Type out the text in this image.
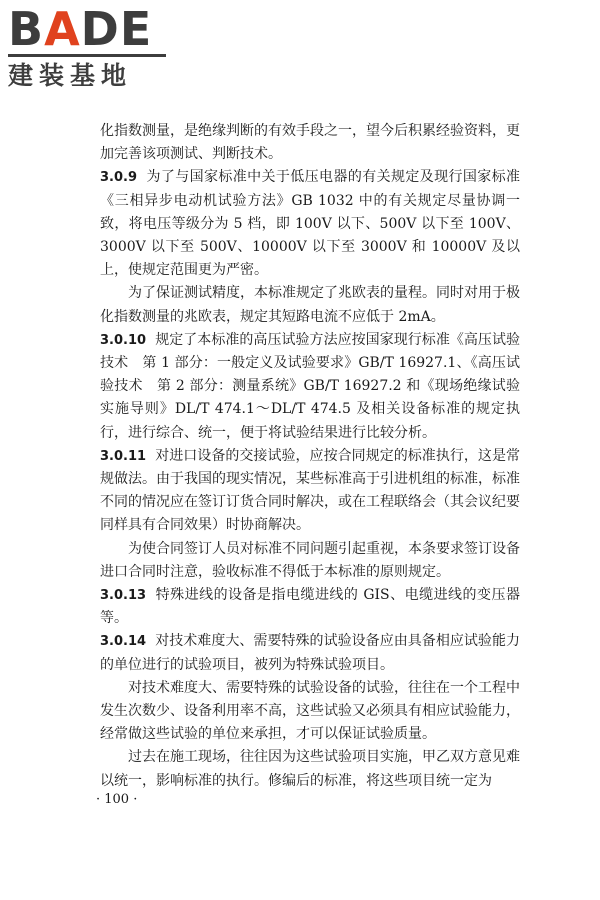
BADE
建装基地

化指数测量，是绝缘判断的有效手段之一，望今后积累经验资料，更加完善该项测试、判断技术。

3.0.9 为了与国家标准中关于低压电器的有关规定及现行国家标准《三相异步电动机试验方法》GB 1032 中的有关规定尽量协调一致，将电压等级分为 5 档，即 100V 以下、500V 以下至 100V、3000V 以下至 500V、10000V 以下至 3000V 和 10000V 及以上，使规定范围更为严密。

为了保证测试精度，本标准规定了兆欧表的量程。同时对用于极化指数测量的兆欧表，规定其短路电流不应低于 2mA。

3.0.10 规定了本标准的高压试验方法应按国家现行标准《高压试验技术　第 1 部分：一般定义及试验要求》GB/T 16927.1、《高压试验技术　第 2 部分：测量系统》GB/T 16927.2 和《现场绝缘试验实施导则》DL/T 474.1～DL/T 474.5 及相关设备标准的规定执行，进行综合、统一，便于将试验结果进行比较分析。

3.0.11 对进口设备的交接试验，应按合同规定的标准执行，这是常规做法。由于我国的现实情况，某些标准高于引进机组的标准，标准不同的情况应在签订订货合同时解决，或在工程联络会（其会议纪要同样具有合同效果）时协商解决。

为使合同签订人员对标准不同问题引起重视，本条要求签订设备进口合同时注意，验收标准不得低于本标准的原则规定。

3.0.13 特殊进线的设备是指电缆进线的 GIS、电缆进线的变压器等。

3.0.14 对技术难度大、需要特殊的试验设备应由具备相应试验能力的单位进行的试验项目，被列为特殊试验项目。

对技术难度大、需要特殊的试验设备的试验，往往在一个工程中发生次数少、设备利用率不高，这些试验又必须具有相应试验能力，经常做这些试验的单位来承担，才可以保证试验质量。

过去在施工现场，往往因为这些试验项目实施，甲乙双方意见难以统一，影响标准的执行。修编后的标准，将这些项目统一定为

· 100 ·
